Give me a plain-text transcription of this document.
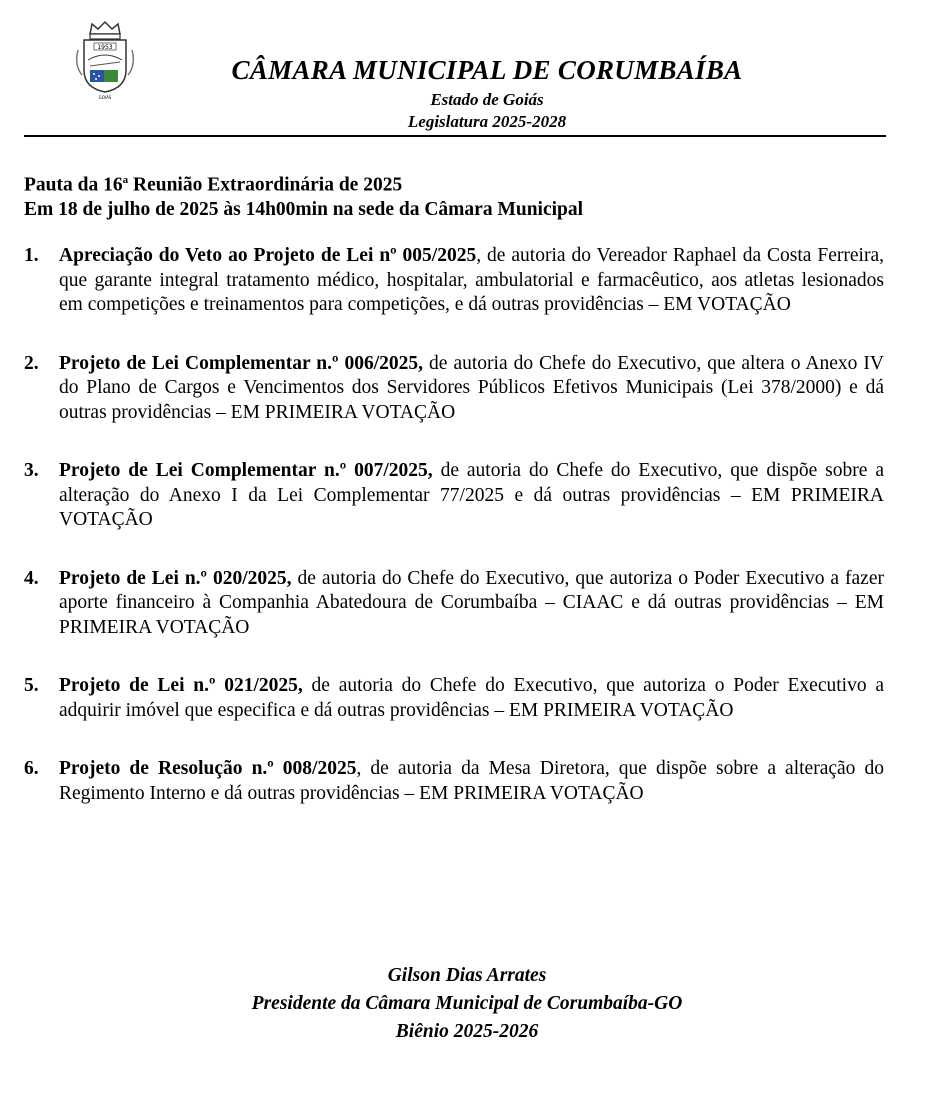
1953
GOIÁS
CÂMARA MUNICIPAL DE CORUMBAÍBA
Estado de Goiás
Legislatura 2025-2028
Pauta da 16$^a$ Reunião Extraordinária de 2025
Em 18 de julho de 2025 às 14h00min na sede da Câmara Municipal
1. Apreciação do Veto ao Projeto de Lei nº 005/2025, de autoria do Vereador Raphael da Costa Ferreira, que garante integral tratamento médico, hospitalar, ambulatorial e farmacêutico, aos atletas lesionados em competições e treinamentos para competições, e dá outras providências – EM VOTAÇÃO
2. Projeto de Lei Complementar n.º 006/2025, de autoria do Chefe do Executivo, que altera o Anexo IV do Plano de Cargos e Vencimentos dos Servidores Públicos Efetivos Municipais (Lei 378/2000) e dá outras providências – EM PRIMEIRA VOTAÇÃO
3. Projeto de Lei Complementar n.º 007/2025, de autoria do Chefe do Executivo, que dispõe sobre a alteração do Anexo I da Lei Complementar 77/2025 e dá outras providências – EM PRIMEIRA VOTAÇÃO
4. Projeto de Lei n.º 020/2025, de autoria do Chefe do Executivo, que autoriza o Poder Executivo a fazer aporte financeiro à Companhia Abatedoura de Corumbaíba – CIAAC e dá outras providências – EM PRIMEIRA VOTAÇÃO
5. Projeto de Lei n.º 021/2025, de autoria do Chefe do Executivo, que autoriza o Poder Executivo a adquirir imóvel que especifica e dá outras providências – EM PRIMEIRA VOTAÇÃO
6. Projeto de Resolução n.º 008/2025, de autoria da Mesa Diretora, que dispõe sobre a alteração do Regimento Interno e dá outras providências – EM PRIMEIRA VOTAÇÃO
Gilson Dias Arrates
Presidente da Câmara Municipal de Corumbaíba-GO
Biênio 2025-2026
